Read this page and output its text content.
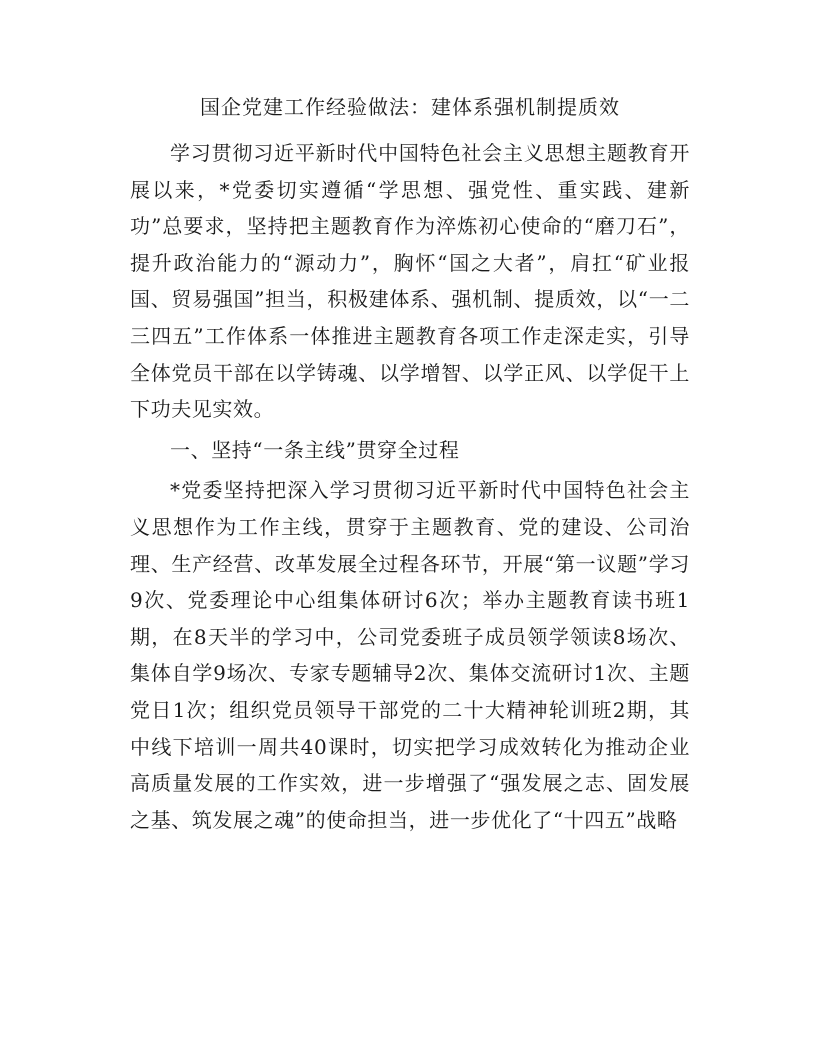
国企党建工作经验做法：建体系强机制提质效

学习贯彻习近平新时代中国特色社会主义思想主题教育开展以来，*党委切实遵循“学思想、强党性、重实践、建新功”总要求，坚持把主题教育作为淬炼初心使命的“磨刀石”，提升政治能力的“源动力”，胸怀“国之大者”，肩扛“矿业报国、贸易强国”担当，积极建体系、强机制、提质效，以“一二三四五”工作体系一体推进主题教育各项工作走深走实，引导全体党员干部在以学铸魂、以学增智、以学正风、以学促干上下功夫见实效。

一、坚持“一条主线”贯穿全过程

*党委坚持把深入学习贯彻习近平新时代中国特色社会主义思想作为工作主线，贯穿于主题教育、党的建设、公司治理、生产经营、改革发展全过程各环节，开展“第一议题”学习9次、党委理论中心组集体研讨6次；举办主题教育读书班1期，在8天半的学习中，公司党委班子成员领学领读8场次、集体自学9场次、专家专题辅导2次、集体交流研讨1次、主题党日1次；组织党员领导干部党的二十大精神轮训班2期，其中线下培训一周共40课时，切实把学习成效转化为推动企业高质量发展的工作实效，进一步增强了“强发展之志、固发展之基、筑发展之魂”的使命担当，进一步优化了“十四五”战略
